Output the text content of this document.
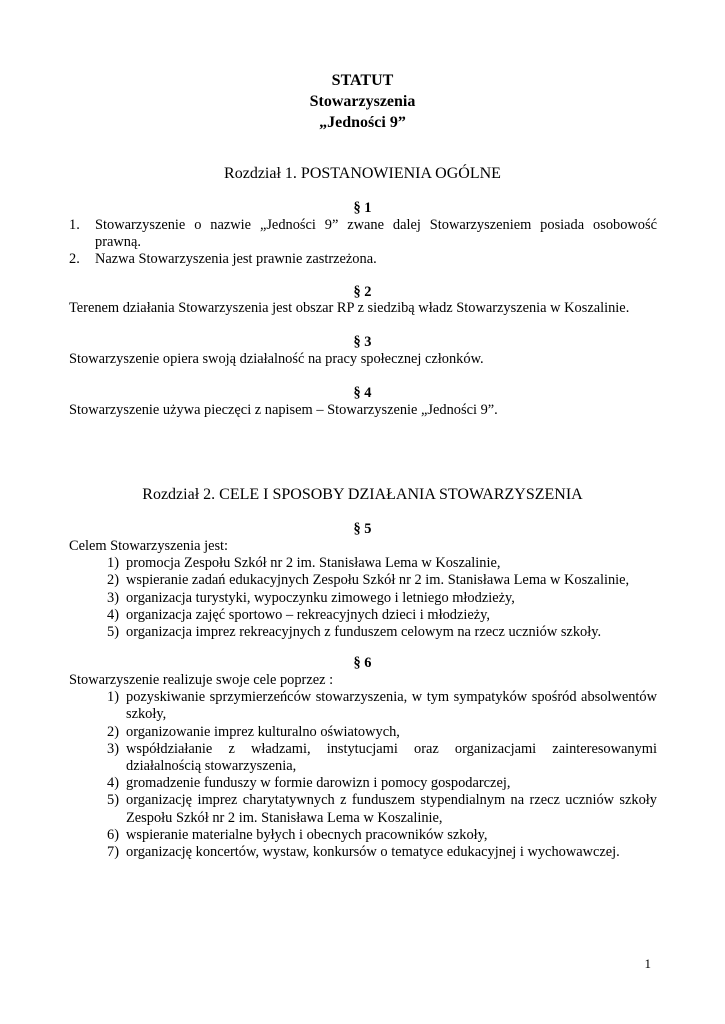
STATUT
Stowarzyszenia
„Jedności 9”
Rozdział 1. POSTANOWIENIA OGÓLNE
§ 1
1.	Stowarzyszenie o nazwie „Jedności 9” zwane dalej Stowarzyszeniem posiada osobowość prawną.
2.	Nazwa Stowarzyszenia jest prawnie zastrzeżona.
§ 2

Terenem działania Stowarzyszenia jest obszar RP z siedzibą władz Stowarzyszenia w Koszalinie.

§ 3

Stowarzyszenie opiera swoją działalność na pracy społecznej członków.

§ 4

Stowarzyszenie używa pieczęci z napisem – Stowarzyszenie „Jedności 9”.

Rozdział 2. CELE I SPOSOBY DZIAŁANIA STOWARZYSZENIA
§ 5
Celem Stowarzyszenia jest:
1) promocja Zespołu Szkół nr 2 im. Stanisława Lema w Koszalinie,
2) wspieranie zadań edukacyjnych Zespołu Szkół nr 2 im. Stanisława Lema w Koszalinie,
3) organizacja turystyki, wypoczynku zimowego i letniego młodzieży,
4) organizacja zajęć sportowo – rekreacyjnych dzieci i młodzieży,
5) organizacja imprez rekreacyjnych z funduszem celowym na rzecz uczniów szkoły.
§ 6
Stowarzyszenie realizuje swoje cele poprzez :
1) pozyskiwanie sprzymierzeńców stowarzyszenia, w tym sympatyków spośród absolwentów szkoły,
2) organizowanie imprez kulturalno oświatowych,
3) współdziałanie z władzami, instytucjami oraz organizacjami zainteresowanymi działalnością stowarzyszenia,
4) gromadzenie funduszy w formie darowizn i pomocy gospodarczej,
5) organizację imprez charytatywnych z funduszem stypendialnym na rzecz uczniów szkoły Zespołu Szkół nr 2 im. Stanisława Lema w Koszalinie,
6) wspieranie materialne byłych i obecnych pracowników szkoły,
7) organizację koncertów, wystaw, konkursów o tematyce edukacyjnej i wychowawczej.
1
